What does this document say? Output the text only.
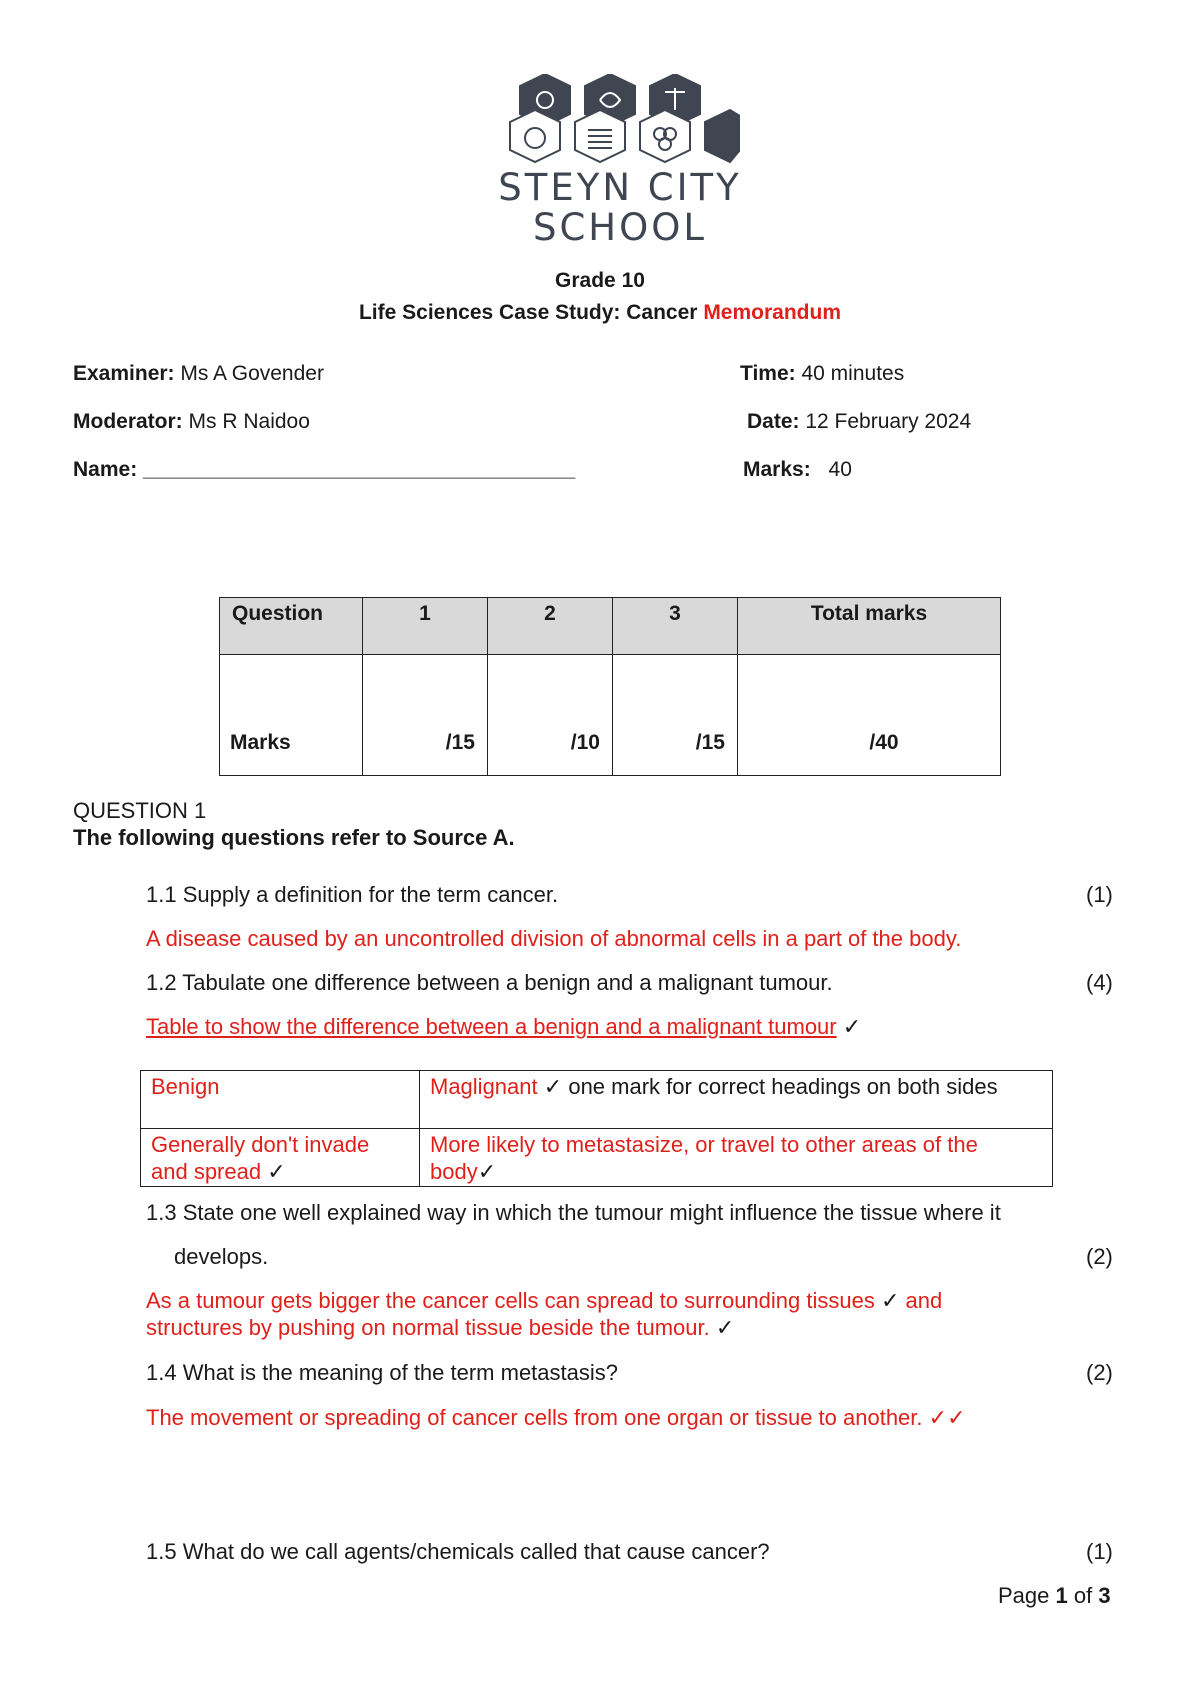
STEYN CITY
SCHOOL
Grade 10
Life Sciences Case Study: Cancer Memorandum
Examiner: Ms A Govender	Time: 40 minutes
Moderator: Ms R Naidoo	Date: 12 February 2024
Name: _____________________________________	Marks: 40
Question	1	2	3	Total marks
Marks	/15	/10	/15	/40
QUESTION 1
The following questions refer to Source A.
1.1 Supply a definition for the term cancer.	(1)
A disease caused by an uncontrolled division of abnormal cells in a part of the body.
1.2 Tabulate one difference between a benign and a malignant tumour.	(4)
Table to show the difference between a benign and a malignant tumour ✓
Benign	Maglignant ✓ one mark for correct headings on both sides
Generally don't invade and spread ✓	More likely to metastasize, or travel to other areas of the body✓
1.3 State one well explained way in which the tumour might influence the tissue where it
develops.	(2)
As a tumour gets bigger the cancer cells can spread to surrounding tissues ✓ and
structures by pushing on normal tissue beside the tumour. ✓
1.4 What is the meaning of the term metastasis?	(2)
The movement or spreading of cancer cells from one organ or tissue to another. ✓✓
1.5 What do we call agents/chemicals called that cause cancer?	(1)
Page 1 of 3
